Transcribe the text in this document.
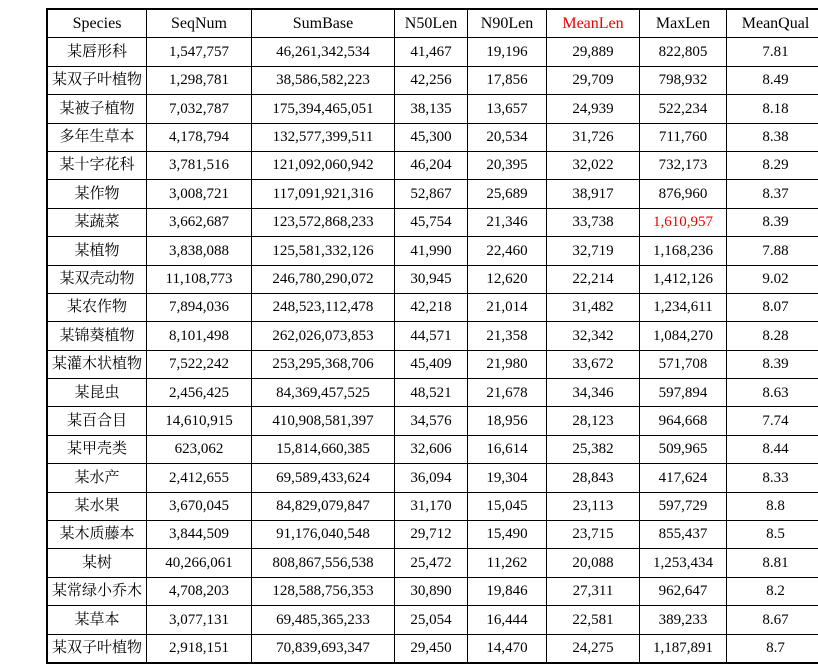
Species	SeqNum	SumBase	N50Len	N90Len	MeanLen	MaxLen	MeanQual
某唇形科	1,547,757	46,261,342,534	41,467	19,196	29,889	822,805	7.81
某双子叶植物	1,298,781	38,586,582,223	42,256	17,856	29,709	798,932	8.49
某被子植物	7,032,787	175,394,465,051	38,135	13,657	24,939	522,234	8.18
多年生草本	4,178,794	132,577,399,511	45,300	20,534	31,726	711,760	8.38
某十字花科	3,781,516	121,092,060,942	46,204	20,395	32,022	732,173	8.29
某作物	3,008,721	117,091,921,316	52,867	25,689	38,917	876,960	8.37
某蔬菜	3,662,687	123,572,868,233	45,754	21,346	33,738	1,610,957	8.39
某植物	3,838,088	125,581,332,126	41,990	22,460	32,719	1,168,236	7.88
某双壳动物	11,108,773	246,780,290,072	30,945	12,620	22,214	1,412,126	9.02
某农作物	7,894,036	248,523,112,478	42,218	21,014	31,482	1,234,611	8.07
某锦葵植物	8,101,498	262,026,073,853	44,571	21,358	32,342	1,084,270	8.28
某灌木状植物	7,522,242	253,295,368,706	45,409	21,980	33,672	571,708	8.39
某昆虫	2,456,425	84,369,457,525	48,521	21,678	34,346	597,894	8.63
某百合目	14,610,915	410,908,581,397	34,576	18,956	28,123	964,668	7.74
某甲壳类	623,062	15,814,660,385	32,606	16,614	25,382	509,965	8.44
某水产	2,412,655	69,589,433,624	36,094	19,304	28,843	417,624	8.33
某水果	3,670,045	84,829,079,847	31,170	15,045	23,113	597,729	8.8
某木质藤本	3,844,509	91,176,040,548	29,712	15,490	23,715	855,437	8.5
某树	40,266,061	808,867,556,538	25,472	11,262	20,088	1,253,434	8.81
某常绿小乔木	4,708,203	128,588,756,353	30,890	19,846	27,311	962,647	8.2
某草本	3,077,131	69,485,365,233	25,054	16,444	22,581	389,233	8.67
某双子叶植物	2,918,151	70,839,693,347	29,450	14,470	24,275	1,187,891	8.7
